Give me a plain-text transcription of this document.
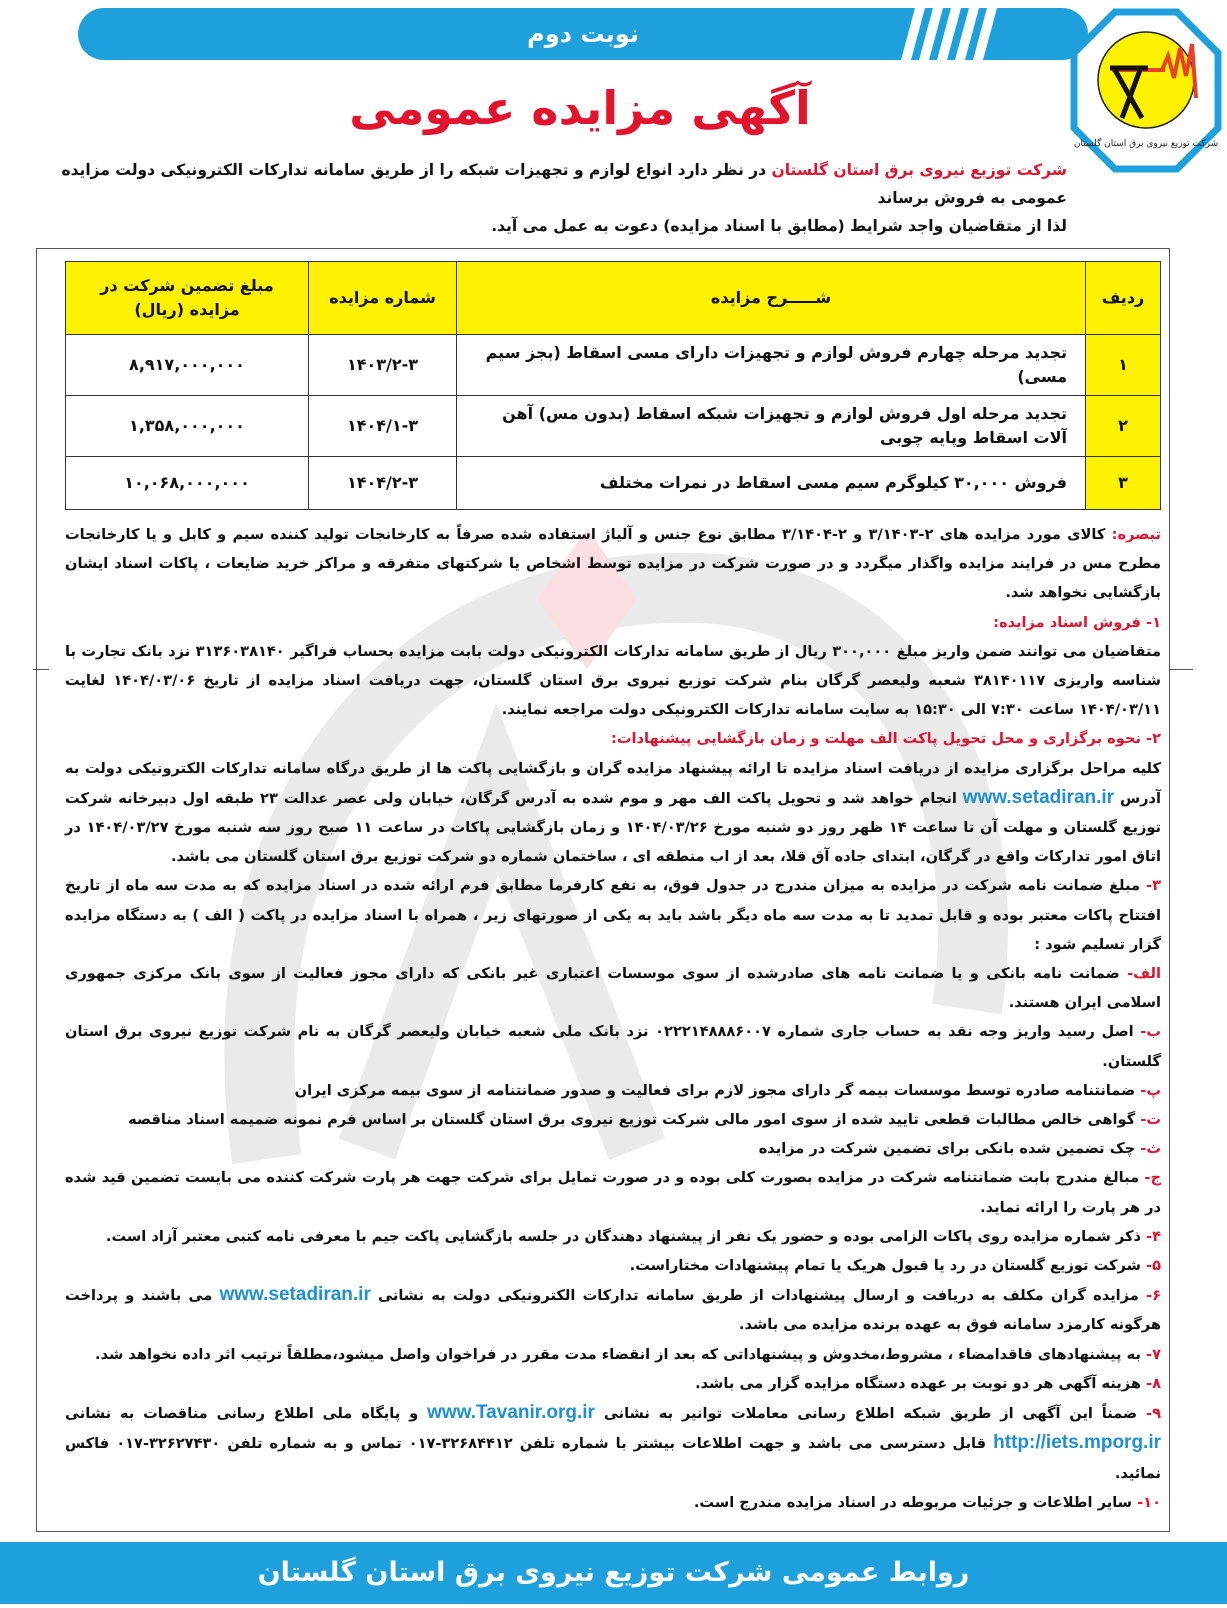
نوبت دوم
شرکت توزیع نیروی برق استان گلستان
آگهی مزایده عمومی
شرکت توزیع نیروی برق استان گلستان در نظر دارد انواع لوازم و تجهیزات شبکه را از طریق سامانه تدارکات الکترونیکی دولت مزایده عمومی به فروش برساند
لذا از متقاضیان واجد شرایط (مطابق با اسناد مزایده) دعوت به عمل می آید.
ردیف	شـــــرح مزایده	شماره مزایده	مبلغ تضمین شرکت در مزایده (ریال)
۱	تجدید مرحله چهارم فروش لوازم و تجهیزات دارای مسی اسقاط (بجز سیم مسی)	۱۴۰۳/۲-۳	۸,۹۱۷,۰۰۰,۰۰۰
۲	تجدید مرحله اول فروش لوازم و تجهیزات شبکه اسقاط (بدون مس) آهن آلات اسقاط وپایه چوبی	۱۴۰۴/۱-۳	۱,۳۵۸,۰۰۰,۰۰۰
۳	فروش ۳۰,۰۰۰ کیلوگرم سیم مسی اسقاط در نمرات مختلف	۱۴۰۴/۲-۳	۱۰,۰۶۸,۰۰۰,۰۰۰

تبصره: کالای مورد مزایده های ۲-۳/۱۴۰۳ و ۲-۳/۱۴۰۴ مطابق نوع جنس و آلیاژ استفاده شده صرفاً به کارخانجات تولید کننده سیم و کابل و یا کارخانجات مطرح مس در فرایند مزایده واگذار میگردد و در صورت شرکت در مزایده توسط اشخاص یا شرکتهای متفرقه و مراکز خرید ضایعات ، پاکات اسناد ایشان بازگشایی نخواهد شد.

۱- فروش اسناد مزایده:

متقاضیان می توانند ضمن واریز مبلغ ۳۰۰,۰۰۰ ریال از طریق سامانه تدارکات الکترونیکی دولت بابت مزایده بحساب فراگیر ۳۱۳۶۰۳۸۱۴۰ نزد بانک تجارت با شناسه واریزی ۳۸۱۴۰۱۱۷ شعبه ولیعصر گرگان بنام شرکت توزیع نیروی برق استان گلستان، جهت دریافت اسناد مزایده از تاریخ ۱۴۰۴/۰۳/۰۶ لغایت ۱۴۰۴/۰۳/۱۱ ساعت ۷:۳۰ الی ۱۵:۳۰ به سایت سامانه تدارکات الکترونیکی دولت مراجعه نمایند.

۲- نحوه برگزاری و محل تحویل پاکت الف مهلت و زمان بازگشایی پیشنهادات:

کلیه مراحل برگزاری مزایده از دریافت اسناد مزایده تا ارائه پیشنهاد مزایده گران و بازگشایی پاکت ها از طریق درگاه سامانه تدارکات الکترونیکی دولت به آدرس www.setadiran.ir انجام خواهد شد و تحویل پاکت الف مهر و موم شده به آدرس گرگان، خیابان ولی عصر عدالت ۲۳ طبقه اول دبیرخانه شرکت توزیع گلستان و مهلت آن تا ساعت ۱۴ ظهر روز دو شنبه مورخ ۱۴۰۴/۰۳/۲۶ و زمان بازگشایی پاکات در ساعت ۱۱ صبح روز سه شنبه مورخ ۱۴۰۴/۰۳/۲۷ در اتاق امور تدارکات واقع در گرگان، ابتدای جاده آق قلا، بعد از اب منطقه ای ، ساختمان شماره دو شرکت توزیع برق استان گلستان می باشد.

۳- مبلغ ضمانت نامه شرکت در مزایده به میزان مندرج در جدول فوق، به نفع کارفرما مطابق فرم ارائه شده در اسناد مزایده که به مدت سه ماه از تاریخ افتتاح پاکات معتبر بوده و قابل تمدید تا به مدت سه ماه دیگر باشد باید به یکی از صورتهای زیر ، همراه با اسناد مزایده در پاکت ( الف ) به دستگاه مزایده گزار تسلیم شود :

الف- ضمانت نامه بانکی و یا ضمانت نامه های صادرشده از سوی موسسات اعتباری غیر بانکی که دارای مجوز فعالیت از سوی بانک مرکزی جمهوری اسلامی ایران هستند.

ب- اصل رسید واریز وجه نقد به حساب جاری شماره ۰۲۲۲۱۴۸۸۸۶۰۰۷ نزد بانک ملی شعبه خیابان ولیعصر گرگان به نام شرکت توزیع نیروی برق استان گلستان.

پ- ضمانتنامه صادره توسط موسسات بیمه گر دارای مجوز لازم برای فعالیت و صدور ضمانتنامه از سوی بیمه مرکزی ایران

ت- گواهی خالص مطالبات قطعی تایید شده از سوی امور مالی شرکت توزیع نیروی برق استان گلستان بر اساس فرم نمونه ضمیمه اسناد مناقصه

ث- چک تضمین شده بانکی برای تضمین شرکت در مزایده

ج- مبالغ مندرج بابت ضمانتنامه شرکت در مزایده بصورت کلی بوده و در صورت تمایل برای شرکت جهت هر پارت شرکت کننده می بایست تضمین قید شده در هر پارت را ارائه نماید.

۴- ذکر شماره مزایده روی پاکات الزامی بوده و حضور یک نفر از پیشنهاد دهندگان در جلسه بازگشایی پاکت جیم با معرفی نامه کتبی معتبر آزاد است.

۵- شرکت توزیع گلستان در رد یا قبول هریک یا تمام پیشنهادات مختاراست.

۶- مزایده گران مکلف به دریافت و ارسال پیشنهادات از طریق سامانه تدارکات الکترونیکی دولت به نشانی www.setadiran.ir می باشند و پرداخت هرگونه کارمزد سامانه فوق به عهده برنده مزایده می باشد.

۷- به پیشنهادهای فاقدامضاء ، مشروط،مخدوش و پیشنهاداتی که بعد از انقضاء مدت مقرر در فراخوان واصل میشود،مطلقاً ترتیب اثر داده نخواهد شد.

۸- هزینه آگهی هر دو نوبت بر عهده دستگاه مزایده گزار می باشد.

۹- ضمناً این آگهی از طریق شبکه اطلاع رسانی معاملات توانیر به نشانی www.Tavanir.org.ir و پایگاه ملی اطلاع رسانی مناقصات به نشانی http://iets.mporg.ir قابل دسترسی می باشد و جهت اطلاعات بیشتر با شماره تلفن ۳۲۶۸۴۴۱۲-۰۱۷ تماس و به شماره تلفن ۳۲۶۲۷۴۳۰-۰۱۷ فاکس نمائید.

۱۰- سایر اطلاعات و جزئیات مربوطه در اسناد مزایده مندرج است.

روابط عمومی شرکت توزیع نیروی برق استان گلستان
